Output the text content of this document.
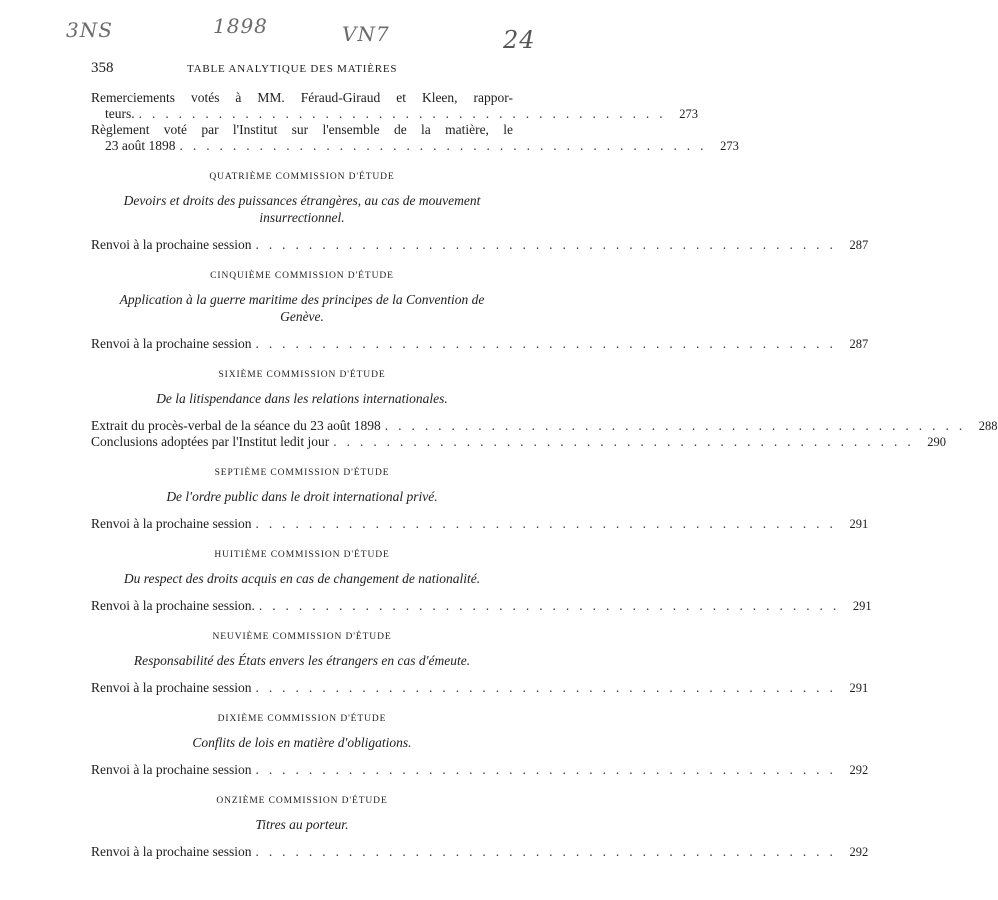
3NS	1898	VN7	24
358	TABLE ANALYTIQUE DES MATIÈRES
Remerciements votés à MM. Féraud-Giraud et Kleen, rappor-
teurs. . . . . . . . . . . . . . . . . . . . . . . . . . . . . . . . . . . . . . . . .	273
Règlement voté par l'Institut sur l'ensemble de la matière, le
23 août 1898 . . . . . . . . . . . . . . . . . . . . . . . . . . . . . . . . . . . . . . . .	273
QUATRIÈME COMMISSION D'ÉTUDE
Devoirs et droits des puissances étrangères, au cas de mouvement insurrectionnel.
Renvoi à la prochaine session . . . . . . . . . . . . . . . . . . . . . . . . . . . . . . . . . . . . . . . . . . . .	287
CINQUIÈME COMMISSION D'ÉTUDE
Application à la guerre maritime des principes de la Convention de Genève.
Renvoi à la prochaine session . . . . . . . . . . . . . . . . . . . . . . . . . . . . . . . . . . . . . . . . . . . .	287
SIXIÈME COMMISSION D'ÉTUDE
De la litispendance dans les relations internationales.
Extrait du procès-verbal de la séance du 23 août 1898 . . . . . . . . . . . . . . . . . . . . . . . . . . . . . . . . . . . . . . . . . . . .	288
Conclusions adoptées par l'Institut ledit jour . . . . . . . . . . . . . . . . . . . . . . . . . . . . . . . . . . . . . . . . . . . .	290
SEPTIÈME COMMISSION D'ÉTUDE
De l'ordre public dans le droit international privé.
Renvoi à la prochaine session . . . . . . . . . . . . . . . . . . . . . . . . . . . . . . . . . . . . . . . . . . . .	291
HUITIÈME COMMISSION D'ÉTUDE
Du respect des droits acquis en cas de changement de nationalité.
Renvoi à la prochaine session. . . . . . . . . . . . . . . . . . . . . . . . . . . . . . . . . . . . . . . . . . . . .	291
NEUVIÈME COMMISSION D'ÉTUDE
Responsabilité des États envers les étrangers en cas d'émeute.
Renvoi à la prochaine session . . . . . . . . . . . . . . . . . . . . . . . . . . . . . . . . . . . . . . . . . . . .	291
DIXIÈME COMMISSION D'ÉTUDE
Conflits de lois en matière d'obligations.
Renvoi à la prochaine session . . . . . . . . . . . . . . . . . . . . . . . . . . . . . . . . . . . . . . . . . . . .	292
ONZIÈME COMMISSION D'ÉTUDE
Titres au porteur.
Renvoi à la prochaine session . . . . . . . . . . . . . . . . . . . . . . . . . . . . . . . . . . . . . . . . . . . .	292
